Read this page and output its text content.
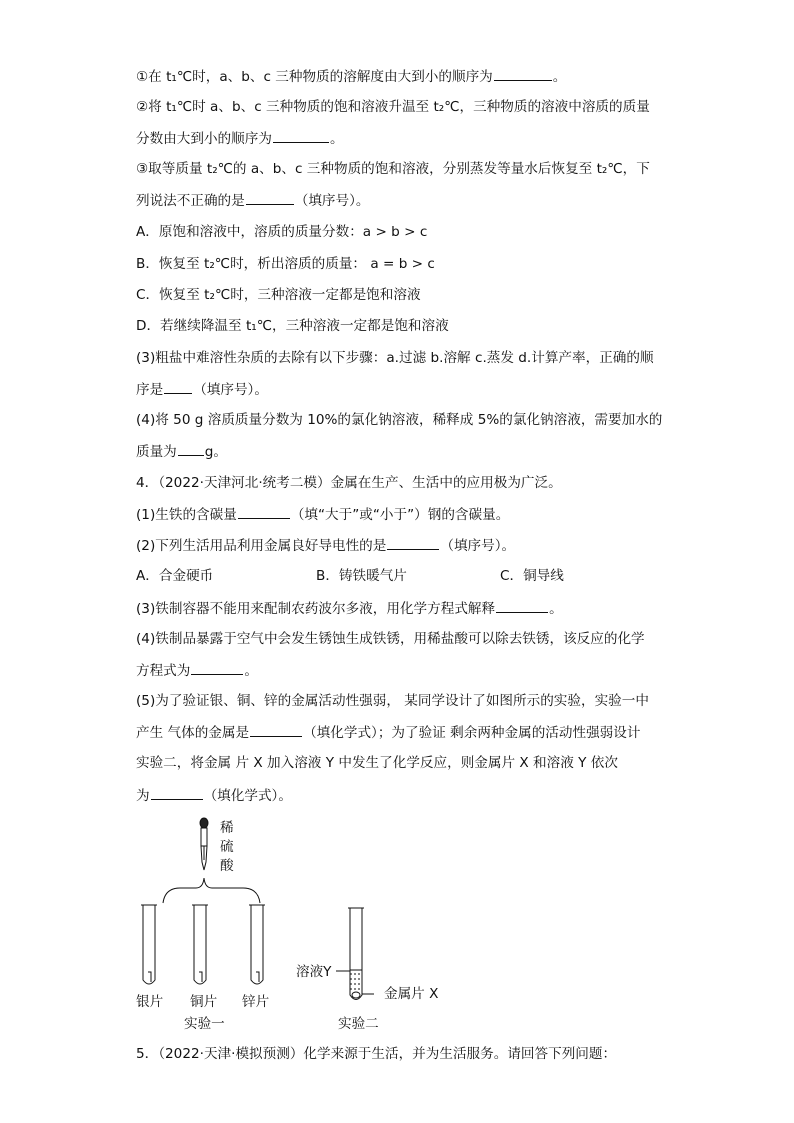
①在 t₁℃时，a、b、c 三种物质的溶解度由大到小的顺序为	。
②将 t₁℃时 a、b、c 三种物质的饱和溶液升温至 t₂℃，三种物质的溶液中溶质的质量
分数由大到小的顺序为	。
③取等质量 t₂℃的 a、b、c 三种物质的饱和溶液，分别蒸发等量水后恢复至 t₂℃，下
列说法不正确的是	（填序号）。
A．原饱和溶液中，溶质的质量分数：a > b > c
B．恢复至 t₂℃时，析出溶质的质量： a = b > c
C．恢复至 t₂℃时，三种溶液一定都是饱和溶液
D．若继续降温至 t₁℃，三种溶液一定都是饱和溶液
(3)粗盐中难溶性杂质的去除有以下步骤：a.过滤 b.溶解 c.蒸发 d.计算产率，正确的顺
序是 （填序号）。
(4)将 50 g 溶质质量分数为 10%的氯化钠溶液，稀释成 5%的氯化钠溶液，需要加水的
质量为 g。
4．（2022·天津河北·统考二模）金属在生产、生活中的应用极为广泛。
(1)生铁的含碳量	（填“大于”或“小于”）钢的含碳量。
(2)下列生活用品利用金属良好导电性的是	（填序号）。
A．合金硬币	B．铸铁暖气片	C．铜导线
(3)铁制容器不能用来配制农药波尔多液，用化学方程式解释	。
(4)铁制品暴露于空气中会发生锈蚀生成铁锈，用稀盐酸可以除去铁锈，该反应的化学
方程式为	。
(5)为了验证银、铜、锌的金属活动性强弱， 某同学设计了如图所示的实验，实验一中
产生 气体的金属是	（填化学式）；为了验证 剩余两种金属的活动性强弱设计
实验二，将金属 片 X 加入溶液 Y 中发生了化学反应，则金属片 X 和溶液 Y 依次
为	（填化学式）。
稀
硫
酸
银片 铜片 锌片
实验一
溶液Y
金属片 X
实验二
5．（2022·天津·模拟预测）化学来源于生活，并为生活服务。请回答下列问题：
